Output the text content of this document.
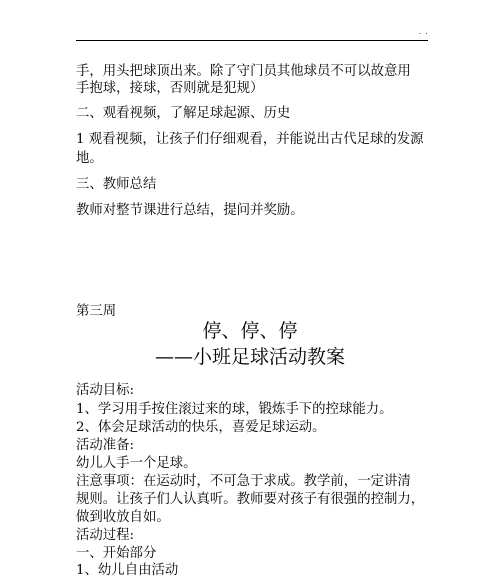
. .
手，用头把球顶出来。除了守门员其他球员不可以故意用
手抱球，接球，否则就是犯规）
二、观看视频，了解足球起源、历史
1 观看视频，让孩子们仔细观看，并能说出古代足球的发源
地。
三、教师总结
教师对整节课进行总结，提问并奖励。
第三周
停、停、停
——小班足球活动教案
活动目标:
1、学习用手按住滚过来的球，锻炼手下的控球能力。
2、体会足球活动的快乐，喜爱足球运动。
活动准备:
幼儿人手一个足球。
注意事项：在运动时，不可急于求成。教学前，一定讲清
规则。让孩子们人认真听。教师要对孩子有很强的控制力，
做到收放自如。
活动过程:
一、开始部分
1、幼儿自由活动
